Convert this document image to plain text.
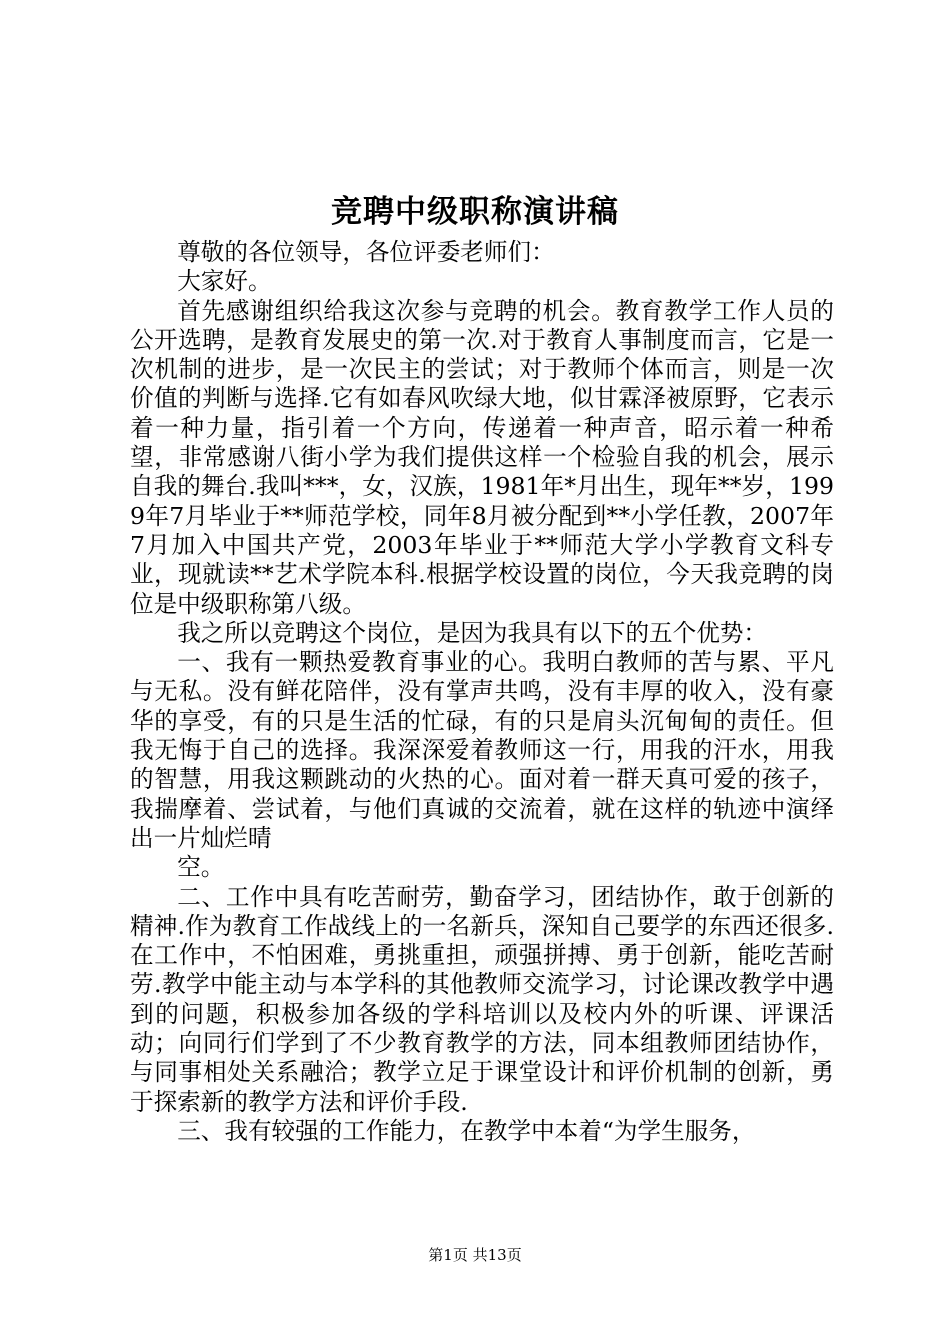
竞聘中级职称演讲稿

尊敬的各位领导，各位评委老师们：

大家好。

首先感谢组织给我这次参与竞聘的机会。教育教学工作人员的公开选聘，是教育发展史的第一次.对于教育人事制度而言，它是一次机制的进步，是一次民主的尝试；对于教师个体而言，则是一次价值的判断与选择.它有如春风吹绿大地，似甘霖泽被原野，它表示着一种力量，指引着一个方向，传递着一种声音，昭示着一种希望，非常感谢八街小学为我们提供这样一个检验自我的机会，展示自我的舞台.我叫***，女，汉族，1981年*月出生，现年**岁，1999年7月毕业于**师范学校，同年8月被分配到**小学任教，2007年7月加入中国共产党，2003年毕业于**师范大学小学教育文科专业，现就读**艺术学院本科.根据学校设置的岗位，今天我竞聘的岗位是中级职称第八级。

我之所以竞聘这个岗位，是因为我具有以下的五个优势：

一、我有一颗热爱教育事业的心。我明白教师的苦与累、平凡与无私。没有鲜花陪伴，没有掌声共鸣，没有丰厚的收入，没有豪华的享受，有的只是生活的忙碌，有的只是肩头沉甸甸的责任。但我无悔于自己的选择。我深深爱着教师这一行，用我的汗水，用我的智慧，用我这颗跳动的火热的心。面对着一群天真可爱的孩子，我揣摩着、尝试着，与他们真诚的交流着，就在这样的轨迹中演绎出一片灿烂晴

空。

二、工作中具有吃苦耐劳，勤奋学习，团结协作，敢于创新的精神.作为教育工作战线上的一名新兵，深知自己要学的东西还很多.在工作中，不怕困难，勇挑重担，顽强拼搏、勇于创新，能吃苦耐劳.教学中能主动与本学科的其他教师交流学习，讨论课改教学中遇到的问题，积极参加各级的学科培训以及校内外的听课、评课活动；向同行们学到了不少教育教学的方法，同本组教师团结协作，与同事相处关系融洽；教学立足于课堂设计和评价机制的创新，勇于探索新的教学方法和评价手段.

三、我有较强的工作能力，在教学中本着“为学生服务，

第1页 共13页
